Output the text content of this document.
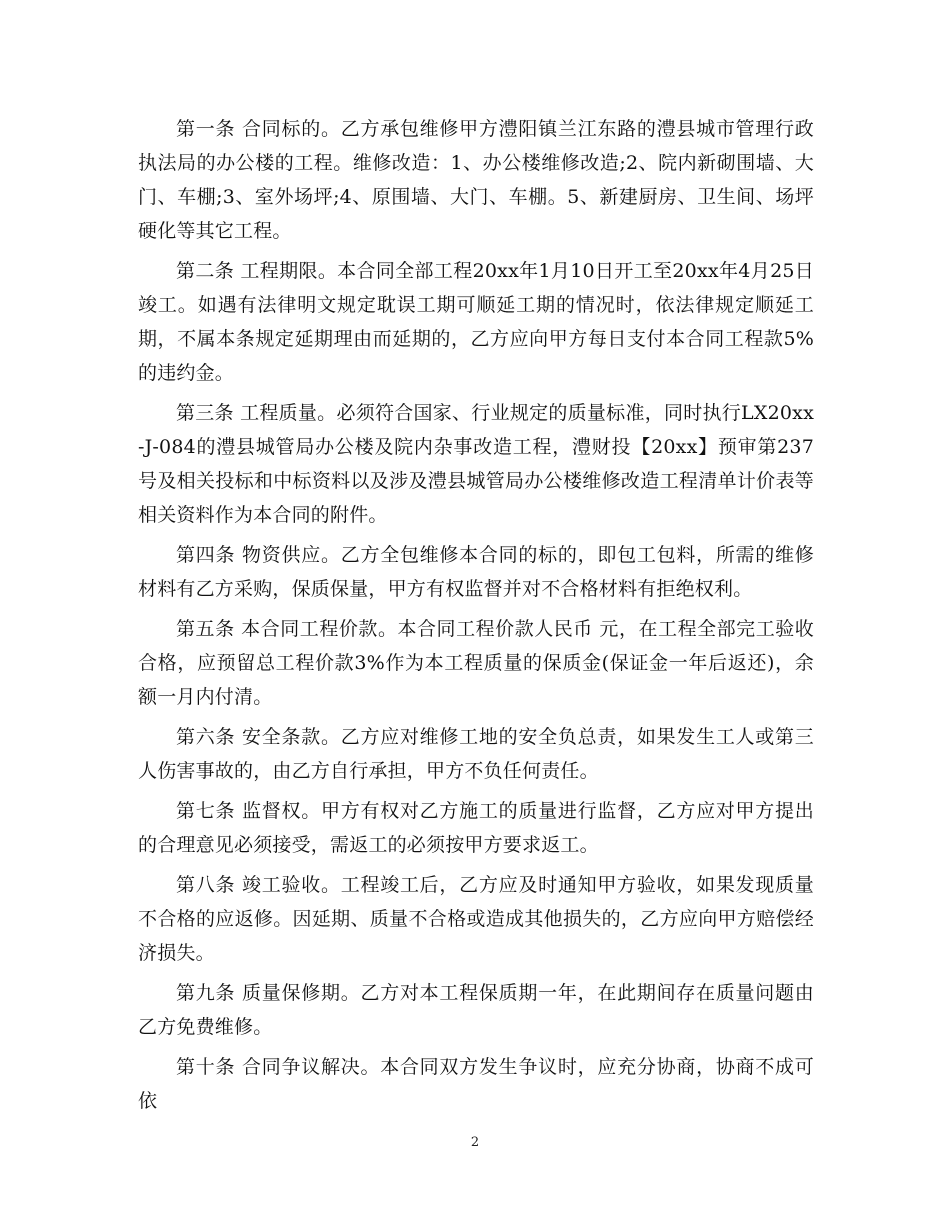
第一条 合同标的。乙方承包维修甲方澧阳镇兰江东路的澧县城市管理行政执法局的办公楼的工程。维修改造：1、办公楼维修改造;2、院内新砌围墙、大门、车棚;3、室外场坪;4、原围墙、大门、车棚。5、新建厨房、卫生间、场坪硬化等其它工程。

第二条 工程期限。本合同全部工程20xx年1月10日开工至20xx年4月25日竣工。如遇有法律明文规定耽误工期可顺延工期的情况时，依法律规定顺延工期，不属本条规定延期理由而延期的，乙方应向甲方每日支付本合同工程款5%的违约金。

第三条 工程质量。必须符合国家、行业规定的质量标准，同时执行LX20xx-J-084的澧县城管局办公楼及院内杂事改造工程，澧财投【20xx】预审第237号及相关投标和中标资料以及涉及澧县城管局办公楼维修改造工程清单计价表等相关资料作为本合同的附件。

第四条 物资供应。乙方全包维修本合同的标的，即包工包料，所需的维修材料有乙方采购，保质保量，甲方有权监督并对不合格材料有拒绝权利。

第五条 本合同工程价款。本合同工程价款人民币 元，在工程全部完工验收合格，应预留总工程价款3%作为本工程质量的保质金(保证金一年后返还)，余额一月内付清。

第六条 安全条款。乙方应对维修工地的安全负总责，如果发生工人或第三人伤害事故的，由乙方自行承担，甲方不负任何责任。

第七条 监督权。甲方有权对乙方施工的质量进行监督，乙方应对甲方提出的合理意见必须接受，需返工的必须按甲方要求返工。

第八条 竣工验收。工程竣工后，乙方应及时通知甲方验收，如果发现质量不合格的应返修。因延期、质量不合格或造成其他损失的，乙方应向甲方赔偿经济损失。

第九条 质量保修期。乙方对本工程保质期一年，在此期间存在质量问题由乙方免费维修。

第十条 合同争议解决。本合同双方发生争议时，应充分协商，协商不成可依

2
